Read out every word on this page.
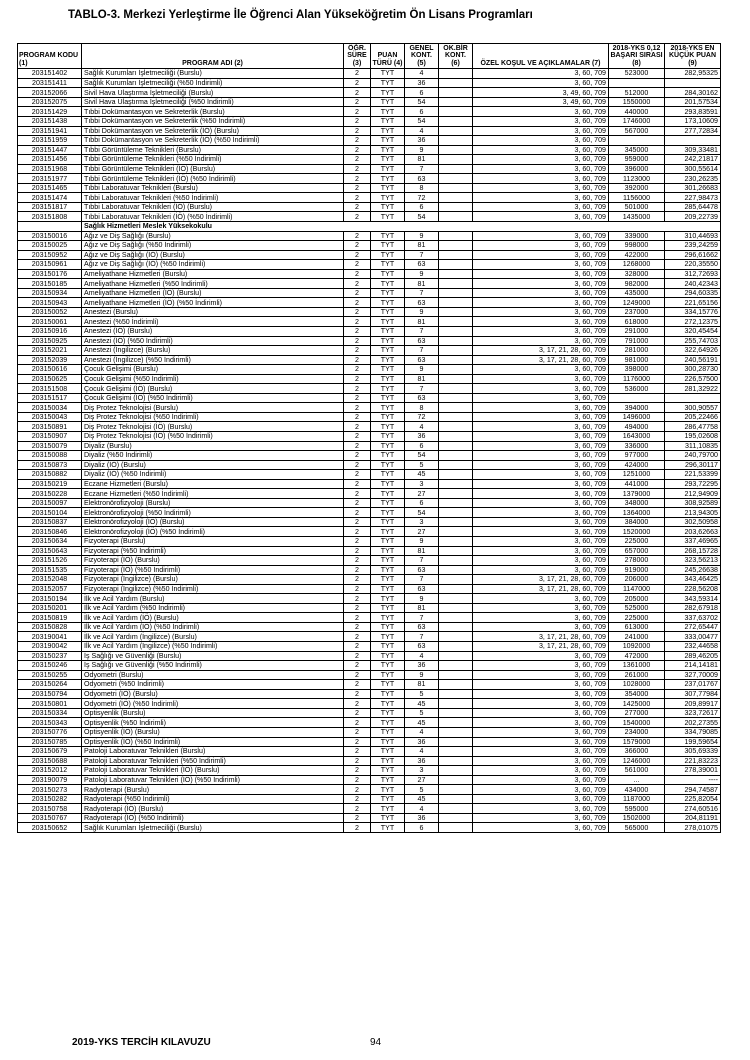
TABLO-3. Merkezi Yerleştirme İle Öğrenci Alan Yükseköğretim Ön Lisans Programları
PROGRAM KODU (1)	PROGRAM ADI (2)	ÖĞR. SÜRE (3)	PUAN TÜRÜ (4)	GENEL KONT. (5)	OK.BİR KONT. (6)	ÖZEL KOŞUL VE AÇIKLAMALAR (7)	2018-YKS 0,12 BAŞARI SIRASI (8)	2018-YKS EN KÜÇÜK PUAN (9)
203151402	Sağlık Kurumları İşletmeciliği (Burslu)	2	TYT	4		3, 60, 709	523000	282,95325
203151411	Sağlık Kurumları İşletmeciliği (%50 İndirimli)	2	TYT	36		3, 60, 709		
203152066	Sivil Hava Ulaştırma İşletmeciliği (Burslu)	2	TYT	6		3, 49, 60, 709	512000	284,30162
203152075	Sivil Hava Ulaştırma İşletmeciliği (%50 İndirimli)	2	TYT	54		3, 49, 60, 709	1550000	201,57534
203151429	Tıbbi Dokümantasyon ve Sekreterlik (Burslu)	2	TYT	6		3, 60, 709	440000	293,83591
203151438	Tıbbi Dokümantasyon ve Sekreterlik (%50 İndirimli)	2	TYT	54		3, 60, 709	1746000	173,10609
203151941	Tıbbi Dokümantasyon ve Sekreterlik (İÖ) (Burslu)	2	TYT	4		3, 60, 709	567000	277,72834
203151959	Tıbbi Dokümantasyon ve Sekreterlik (İÖ) (%50 İndirimli)	2	TYT	36		3, 60, 709		
203151447	Tıbbi Görüntüleme Teknikleri (Burslu)	2	TYT	9		3, 60, 709	345000	309,33481
203151456	Tıbbi Görüntüleme Teknikleri (%50 İndirimli)	2	TYT	81		3, 60, 709	959000	242,21817
203151968	Tıbbi Görüntüleme Teknikleri (İÖ) (Burslu)	2	TYT	7		3, 60, 709	396000	300,55614
203151977	Tıbbi Görüntüleme Teknikleri (İÖ) (%50 İndirimli)	2	TYT	63		3, 60, 709	1123000	230,26235
203151465	Tıbbi Laboratuvar Teknikleri (Burslu)	2	TYT	8		3, 60, 709	392000	301,26683
203151474	Tıbbi Laboratuvar Teknikleri (%50 İndirimli)	2	TYT	72		3, 60, 709	1156000	227,98473
203151817	Tıbbi Laboratuvar Teknikleri (İÖ) (Burslu)	2	TYT	6		3, 60, 709	501000	285,64478
203151808	Tıbbi Laboratuvar Teknikleri (İÖ) (%50 İndirimli)	2	TYT	54		3, 60, 709	1435000	209,22739
	Sağlık Hizmetleri Meslek Yüksekokulu							
203150016	Ağız ve Diş Sağlığı (Burslu)	2	TYT	9		3, 60, 709	339000	310,44693
203150025	Ağız ve Diş Sağlığı (%50 İndirimli)	2	TYT	81		3, 60, 709	998000	239,24259
203150952	Ağız ve Diş Sağlığı (İÖ) (Burslu)	2	TYT	7		3, 60, 709	422000	296,61662
203150961	Ağız ve Diş Sağlığı (İÖ) (%50 İndirimli)	2	TYT	63		3, 60, 709	1268000	220,35550
203150176	Ameliyathane Hizmetleri (Burslu)	2	TYT	9		3, 60, 709	328000	312,72693
203150185	Ameliyathane Hizmetleri (%50 İndirimli)	2	TYT	81		3, 60, 709	982000	240,42343
203150934	Ameliyathane Hizmetleri (İÖ) (Burslu)	2	TYT	7		3, 60, 709	435000	294,60335
203150943	Ameliyathane Hizmetleri (İÖ) (%50 İndirimli)	2	TYT	63		3, 60, 709	1249000	221,65156
203150052	Anestezi (Burslu)	2	TYT	9		3, 60, 709	237000	334,15776
203150061	Anestezi (%50 İndirimli)	2	TYT	81		3, 60, 709	618000	272,12375
203150916	Anestezi (İÖ) (Burslu)	2	TYT	7		3, 60, 709	291000	320,45454
203150925	Anestezi (İÖ) (%50 İndirimli)	2	TYT	63		3, 60, 709	791000	255,74703
203152021	Anestezi (İngilizce) (Burslu)	2	TYT	7		3, 17, 21, 28, 60, 709	281000	322,64926
203152039	Anestezi (İngilizce) (%50 İndirimli)	2	TYT	63		3, 17, 21, 28, 60, 709	981000	240,56191
203150616	Çocuk Gelişimi (Burslu)	2	TYT	9		3, 60, 709	398000	300,28730
203150625	Çocuk Gelişimi (%50 İndirimli)	2	TYT	81		3, 60, 709	1176000	226,57500
203151508	Çocuk Gelişimi (İÖ) (Burslu)	2	TYT	7		3, 60, 709	536000	281,32922
203151517	Çocuk Gelişimi (İÖ) (%50 İndirimli)	2	TYT	63		3, 60, 709		
203150034	Diş Protez Teknolojisi (Burslu)	2	TYT	8		3, 60, 709	394000	300,90557
203150043	Diş Protez Teknolojisi (%50 İndirimli)	2	TYT	72		3, 60, 709	1496000	205,22466
203150891	Diş Protez Teknolojisi (İÖ) (Burslu)	2	TYT	4		3, 60, 709	494000	286,47758
203150907	Diş Protez Teknolojisi (İÖ) (%50 İndirimli)	2	TYT	36		3, 60, 709	1643000	195,02608
203150079	Diyaliz (Burslu)	2	TYT	6		3, 60, 709	336000	311,10835
203150088	Diyaliz (%50 İndirimli)	2	TYT	54		3, 60, 709	977000	240,79700
203150873	Diyaliz (İÖ) (Burslu)	2	TYT	5		3, 60, 709	424000	296,30117
203150882	Diyaliz (İÖ) (%50 İndirimli)	2	TYT	45		3, 60, 709	1251000	221,53399
203150219	Eczane Hizmetleri (Burslu)	2	TYT	3		3, 60, 709	441000	293,72295
203150228	Eczane Hizmetleri (%50 İndirimli)	2	TYT	27		3, 60, 709	1379000	212,94909
203150097	Elektronörofizyoloji (Burslu)	2	TYT	6		3, 60, 709	348000	308,92589
203150104	Elektronörofizyoloji (%50 İndirimli)	2	TYT	54		3, 60, 709	1364000	213,94305
203150837	Elektronörofizyoloji (İÖ) (Burslu)	2	TYT	3		3, 60, 709	384000	302,50958
203150846	Elektronörofizyoloji (İÖ) (%50 İndirimli)	2	TYT	27		3, 60, 709	1520000	203,62663
203150634	Fizyoterapi (Burslu)	2	TYT	9		3, 60, 709	225000	337,46965
203150643	Fizyoterapi (%50 İndirimli)	2	TYT	81		3, 60, 709	657000	268,15728
203151526	Fizyoterapi (İÖ) (Burslu)	2	TYT	7		3, 60, 709	278000	323,56213
203151535	Fizyoterapi (İÖ) (%50 İndirimli)	2	TYT	63		3, 60, 709	919000	245,26638
203152048	Fizyoterapi (İngilizce) (Burslu)	2	TYT	7		3, 17, 21, 28, 60, 709	206000	343,46425
203152057	Fizyoterapi (İngilizce) (%50 İndirimli)	2	TYT	63		3, 17, 21, 28, 60, 709	1147000	228,56208
203150194	İlk ve Acil Yardım (Burslu)	2	TYT	9		3, 60, 709	205000	343,59314
203150201	İlk ve Acil Yardım (%50 İndirimli)	2	TYT	81		3, 60, 709	525000	282,67918
203150819	İlk ve Acil Yardım (İÖ) (Burslu)	2	TYT	7		3, 60, 709	225000	337,63702
203150828	İlk ve Acil Yardım (İÖ) (%50 İndirimli)	2	TYT	63		3, 60, 709	613000	272,65447
203190041	İlk ve Acil Yardım (İngilizce) (Burslu)	2	TYT	7		3, 17, 21, 28, 60, 709	241000	333,00477
203190042	İlk ve Acil Yardım (İngilizce) (%50 İndirimli)	2	TYT	63		3, 17, 21, 28, 60, 709	1092000	232,44658
203150237	İş Sağlığı ve Güvenliği (Burslu)	2	TYT	4		3, 60, 709	472000	289,46205
203150246	İş Sağlığı ve Güvenliği (%50 İndirimli)	2	TYT	36		3, 60, 709	1361000	214,14181
203150255	Odyometri (Burslu)	2	TYT	9		3, 60, 709	261000	327,70009
203150264	Odyometri (%50 İndirimli)	2	TYT	81		3, 60, 709	1028000	237,01767
203150794	Odyometri (İÖ) (Burslu)	2	TYT	5		3, 60, 709	354000	307,77984
203150801	Odyometri (İÖ) (%50 İndirimli)	2	TYT	45		3, 60, 709	1425000	209,89917
203150334	Optisyenlik (Burslu)	2	TYT	5		3, 60, 709	277000	323,72617
203150343	Optisyenlik (%50 İndirimli)	2	TYT	45		3, 60, 709	1540000	202,27355
203150776	Optisyenlik (İÖ) (Burslu)	2	TYT	4		3, 60, 709	234000	334,79085
203150785	Optisyenlik (İÖ) (%50 İndirimli)	2	TYT	36		3, 60, 709	1579000	199,59654
203150679	Patoloji Laboratuvar Teknikleri (Burslu)	2	TYT	4		3, 60, 709	366000	305,69339
203150688	Patoloji Laboratuvar Teknikleri (%50 İndirimli)	2	TYT	36		3, 60, 709	1246000	221,83223
203152012	Patoloji Laboratuvar Teknikleri (İÖ) (Burslu)	2	TYT	3		3, 60, 709	561000	278,39001
203190079	Patoloji Laboratuvar Teknikleri (İÖ) (%50 İndirimli)	2	TYT	27		3, 60, 709	...	----
203150273	Radyoterapi (Burslu)	2	TYT	5		3, 60, 709	434000	294,74587
203150282	Radyoterapi (%50 İndirimli)	2	TYT	45		3, 60, 709	1187000	225,82054
203150758	Radyoterapi (İÖ) (Burslu)	2	TYT	4		3, 60, 709	595000	274,60516
203150767	Radyoterapi (İÖ) (%50 İndirimli)	2	TYT	36		3, 60, 709	1502000	204,81191
203150652	Sağlık Kurumları İşletmeciliği (Burslu)	2	TYT	6		3, 60, 709	565000	278,01075
2019-YKS TERCİH KILAVUZU	94
